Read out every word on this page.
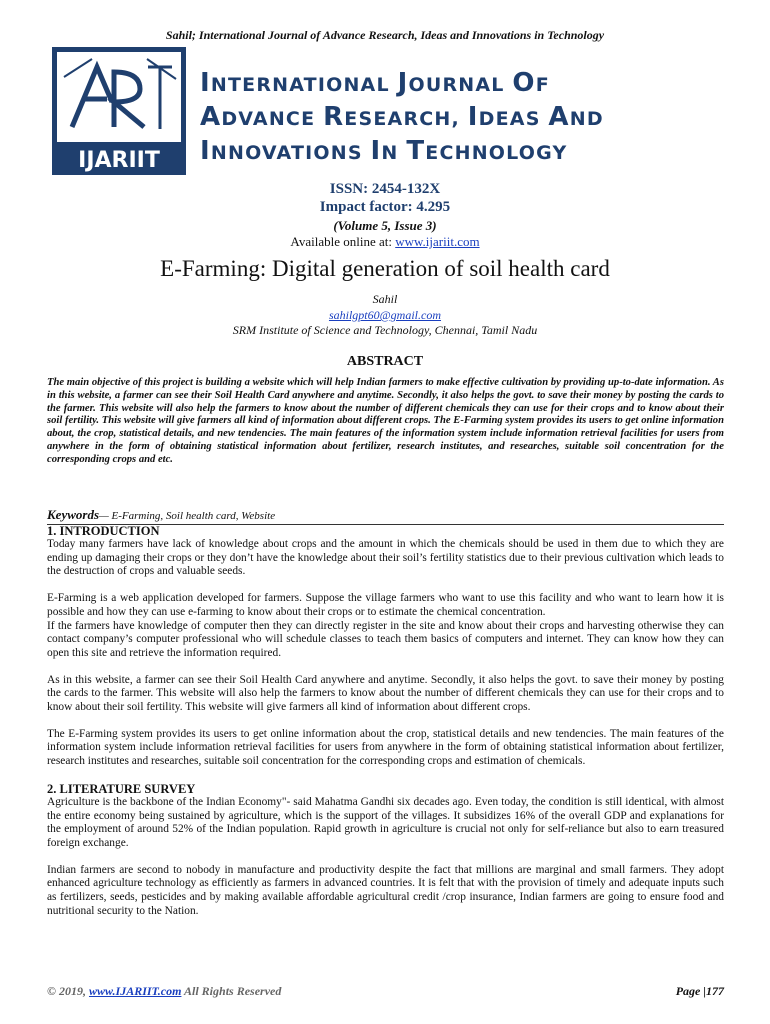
Sahil; International Journal of Advance Research, Ideas and Innovations in Technology
IJARIIT
INTERNATIONAL JOURNAL OF
ADVANCE RESEARCH, IDEAS AND
INNOVATIONS IN TECHNOLOGY
ISSN: 2454-132X
Impact factor: 4.295
(Volume 5, Issue 3)
Available online at: www.ijariit.com
E-Farming: Digital generation of soil health card
Sahil
sahilgpt60@gmail.com
SRM Institute of Science and Technology, Chennai, Tamil Nadu
ABSTRACT
The main objective of this project is building a website which will help Indian farmers to make effective cultivation by providing up-to-date information. As in this website, a farmer can see their Soil Health Card anywhere and anytime. Secondly, it also helps the govt. to save their money by posting the cards to the farmer. This website will also help the farmers to know about the number of different chemicals they can use for their crops and to know about their soil fertility. This website will give farmers all kind of information about different crops. The E-Farming system provides its users to get online information about, the crop, statistical details, and new tendencies. The main features of the information system include information retrieval facilities for users from anywhere in the form of obtaining statistical information about fertilizer, research institutes, and researches, suitable soil concentration for the corresponding crops and etc.
Keywords— E-Farming, Soil health card, Website
1. INTRODUCTION

Today many farmers have lack of knowledge about crops and the amount in which the chemicals should be used in them due to which they are ending up damaging their crops or they don’t have the knowledge about their soil’s fertility statistics due to their previous cultivation which leads to the destruction of crops and valuable seeds.

E-Farming is a web application developed for farmers. Suppose the village farmers who want to use this facility and who want to learn how it is possible and how they can use e-farming to know about their crops or to estimate the chemical concentration.

If the farmers have knowledge of computer then they can directly register in the site and know about their crops and harvesting otherwise they can contact company’s computer professional who will schedule classes to teach them basics of computers and internet. They can know how they can open this site and retrieve the information required.

As in this website, a farmer can see their Soil Health Card anywhere and anytime. Secondly, it also helps the govt. to save their money by posting the cards to the farmer. This website will also help the farmers to know about the number of different chemicals they can use for their crops and to know about their soil fertility. This website will give farmers all kind of information about different crops.

The E-Farming system provides its users to get online information about the crop, statistical details and new tendencies. The main features of the information system include information retrieval facilities for users from anywhere in the form of obtaining statistical information about fertilizer, research institutes and researches, suitable soil concentration for the corresponding crops and estimation of chemicals.

2. LITERATURE SURVEY

Agriculture is the backbone of the Indian Economy"- said Mahatma Gandhi six decades ago. Even today, the condition is still identical, with almost the entire economy being sustained by agriculture, which is the support of the villages. It subsidizes 16% of the overall GDP and explanations for the employment of around 52% of the Indian population. Rapid growth in agriculture is crucial not only for self-reliance but also to earn treasured foreign exchange.

Indian farmers are second to nobody in manufacture and productivity despite the fact that millions are marginal and small farmers. They adopt enhanced agriculture technology as efficiently as farmers in advanced countries. It is felt that with the provision of timely and adequate inputs such as fertilizers, seeds, pesticides and by making available affordable agricultural credit /crop insurance, Indian farmers are going to ensure food and nutritional security to the Nation.

© 2019, www.IJARIIT.com All Rights Reserved	Page |177
